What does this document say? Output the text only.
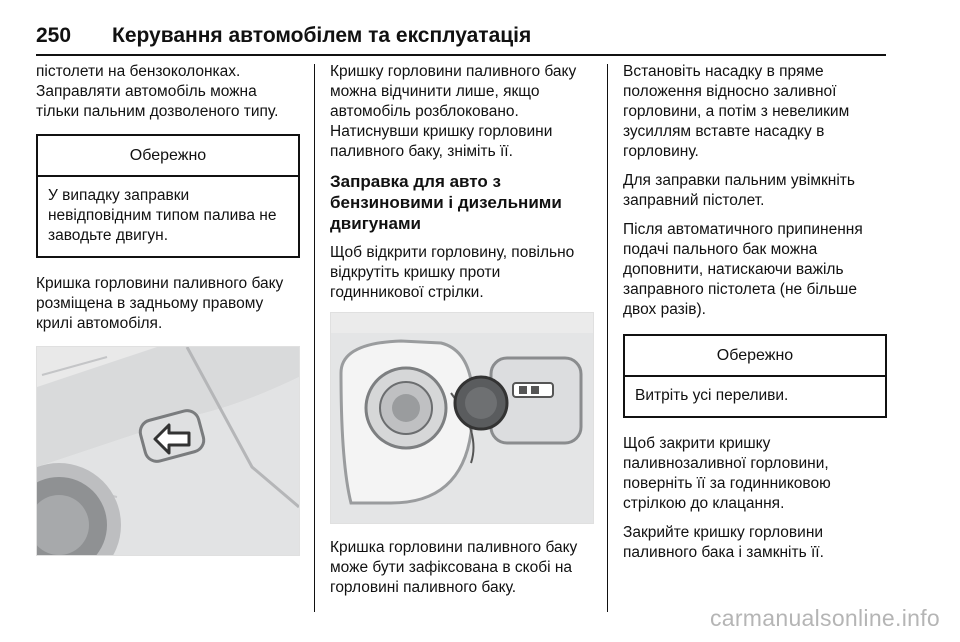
250 Керування автомобілем та експлуатація

пістолети на бензоколонках. Заправляти автомобіль можна тільки пальним дозволеного типу.

Обережно
У випадку заправки невідповідним типом палива не заводьте двигун.

Кришка горловини паливного баку розміщена в задньому правому крилі автомобіля.

Кришку горловини паливного баку можна відчинити лише, якщо автомобіль розблоковано. Натиснувши кришку горловини паливного баку, зніміть її.

Заправка для авто з бензиновими і дизельними двигунами

Щоб відкрити горловину, повільно відкрутіть кришку проти годинникової стрілки.

Кришка горловини паливного баку може бути зафіксована в скобі на горловині паливного баку.

Встановіть насадку в пряме положення відносно заливної горловини, а потім з невеликим зусиллям вставте насадку в горловину.

Для заправки пальним увімкніть заправний пістолет.

Після автоматичного припинення подачі пального бак можна доповнити, натискаючи важіль заправного пістолета (не більше двох разів).

Обережно
Витріть усі переливи.

Щоб закрити кришку паливнозаливної горловини, поверніть її за годинниковою стрілкою до клацання.

Закрийте кришку горловини паливного бака і замкніть її.

carmanualsonline.info
